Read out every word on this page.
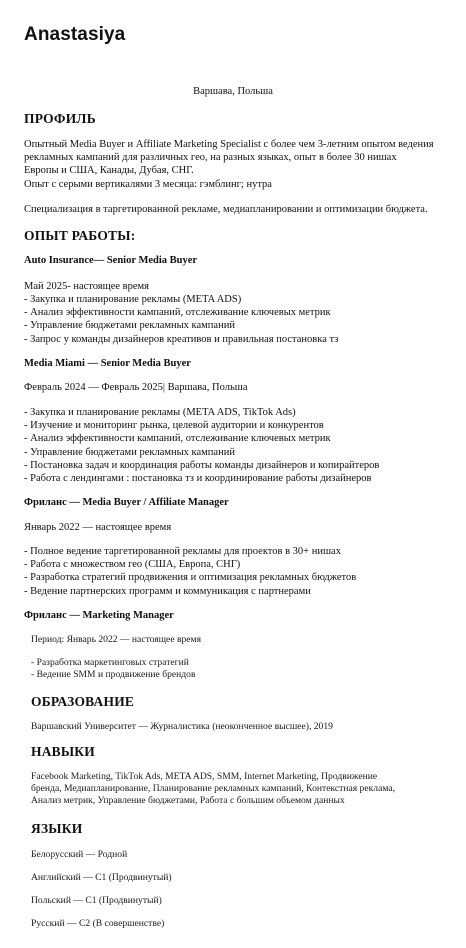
Anastasiya
Варшава, Польша
ПРОФИЛЬ
Опытный Media Buyer и Affiliate Marketing Specialist с более чем 3-летним опытом ведения
рекламных кампаний для различных гео, на разных языках, опыт в более 30 нишах
Европы и США, Канады, Дубая, СНГ.
Опыт с серыми вертикалями 3 месяца: гэмблинг; нутра
Специализация в таргетированной рекламе, медиапланировании и оптимизации бюджета.
ОПЫТ РАБОТЫ:
Auto Insurance— Senior Media Buyer
Май 2025- настоящее время
- Закупка и планирование рекламы (META ADS)
- Анализ эффективности кампаний, отслеживание ключевых метрик
- Управление бюджетами рекламных кампаний
- Запрос у команды дизайнеров креативов и правильная постановка тз
Media Miami — Senior Media Buyer
Февраль 2024 — Февраль 2025| Варшава, Польша
- Закупка и планирование рекламы (META ADS, TikTok Ads)
- Изучение и мониторинг рынка, целевой аудитории и конкурентов
- Анализ эффективности кампаний, отслеживание ключевых метрик
- Управление бюджетами рекламных кампаний
- Постановка задач и координация работы команды дизайнеров и копирайтеров
- Работа с лендингами : постановка тз и координирование работы дизайнеров
Фриланс — Media Buyer / Affiliate Manager
Январь 2022 — настоящее время
- Полное ведение таргетированной рекламы для проектов в 30+ нишах
- Работа с множеством гео (США, Европа, СНГ)
- Разработка стратегий продвижения и оптимизация рекламных бюджетов
- Ведение партнерских программ и коммуникация с партнерами
Фриланс — Marketing Manager
Период: Январь 2022 — настоящее время
- Разработка маркетинговых стратегий
- Ведение SMM и продвижение брендов
ОБРАЗОВАНИЕ
Варшавский Университет — Журналистика (неоконченное высшее), 2019
НАВЫКИ
Facebook Marketing, TikTok Ads, META ADS, SMM, Internet Marketing, Продвижение
бренда, Медиапланирование, Планирование рекламных кампаний, Контекстная реклама,
Анализ метрик, Управление бюджетами, Работа с большим объемом данных
ЯЗЫКИ
Белорусский — Родной
Английский — C1 (Продвинутый)
Польский — C1 (Продвинутый)
Русский — C2 (В совершенстве)
